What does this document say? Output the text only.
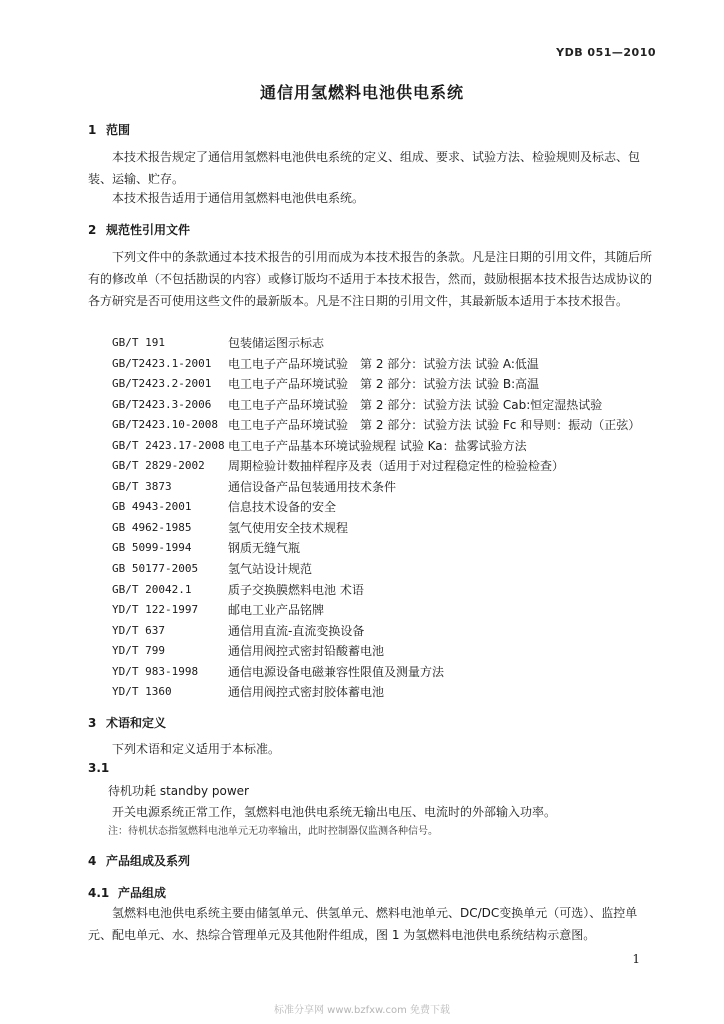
YDB 051—2010
通信用氢燃料电池供电系统
1 范围

本技术报告规定了通信用氢燃料电池供电系统的定义、组成、要求、试验方法、检验规则及标志、包装、运输、贮存。

本技术报告适用于通信用氢燃料电池供电系统。

2 规范性引用文件

下列文件中的条款通过本技术报告的引用而成为本技术报告的条款。凡是注日期的引用文件，其随后所有的修改单（不包括勘误的内容）或修订版均不适用于本技术报告，然而，鼓励根据本技术报告达成协议的各方研究是否可使用这些文件的最新版本。凡是不注日期的引用文件，其最新版本适用于本技术报告。

GB/T 191	包装储运图示标志
GB/T2423.1-2001	电工电子产品环境试验　第 2 部分：试验方法 试验 A:低温
GB/T2423.2-2001	电工电子产品环境试验　第 2 部分：试验方法 试验 B:高温
GB/T2423.3-2006	电工电子产品环境试验　第 2 部分：试验方法 试验 Cab:恒定湿热试验
GB/T2423.10-2008 电工电子产品环境试验　第 2 部分：试验方法 试验 Fc 和导则：振动（正弦）
GB/T 2423.17-2008 电工电子产品基本环境试验规程 试验 Ka：盐雾试验方法
GB/T 2829-2002	周期检验计数抽样程序及表（适用于对过程稳定性的检验检查）
GB/T 3873	通信设备产品包装通用技术条件
GB 4943-2001	信息技术设备的安全
GB 4962-1985	氢气使用安全技术规程
GB 5099-1994	钢质无缝气瓶
GB 50177-2005	氢气站设计规范
GB/T 20042.1	质子交换膜燃料电池 术语
YD/T 122-1997	邮电工业产品铭牌
YD/T 637	通信用直流-直流变换设备
YD/T 799	通信用阀控式密封铅酸蓄电池
YD/T 983-1998	通信电源设备电磁兼容性限值及测量方法
YD/T 1360	通信用阀控式密封胶体蓄电池
3 术语和定义
下列术语和定义适用于本标准。
3.1
待机功耗 standby power
开关电源系统正常工作，氢燃料电池供电系统无输出电压、电流时的外部输入功率。
注：待机状态指氢燃料电池单元无功率输出，此时控制器仅监测各种信号。
4 产品组成及系列
4.1 产品组成

氢燃料电池供电系统主要由储氢单元、供氢单元、燃料电池单元、DC/DC变换单元（可选）、监控单元、配电单元、水、热综合管理单元及其他附件组成，图 1 为氢燃料电池供电系统结构示意图。

1
标准分享网 www.bzfxw.com 免费下载
